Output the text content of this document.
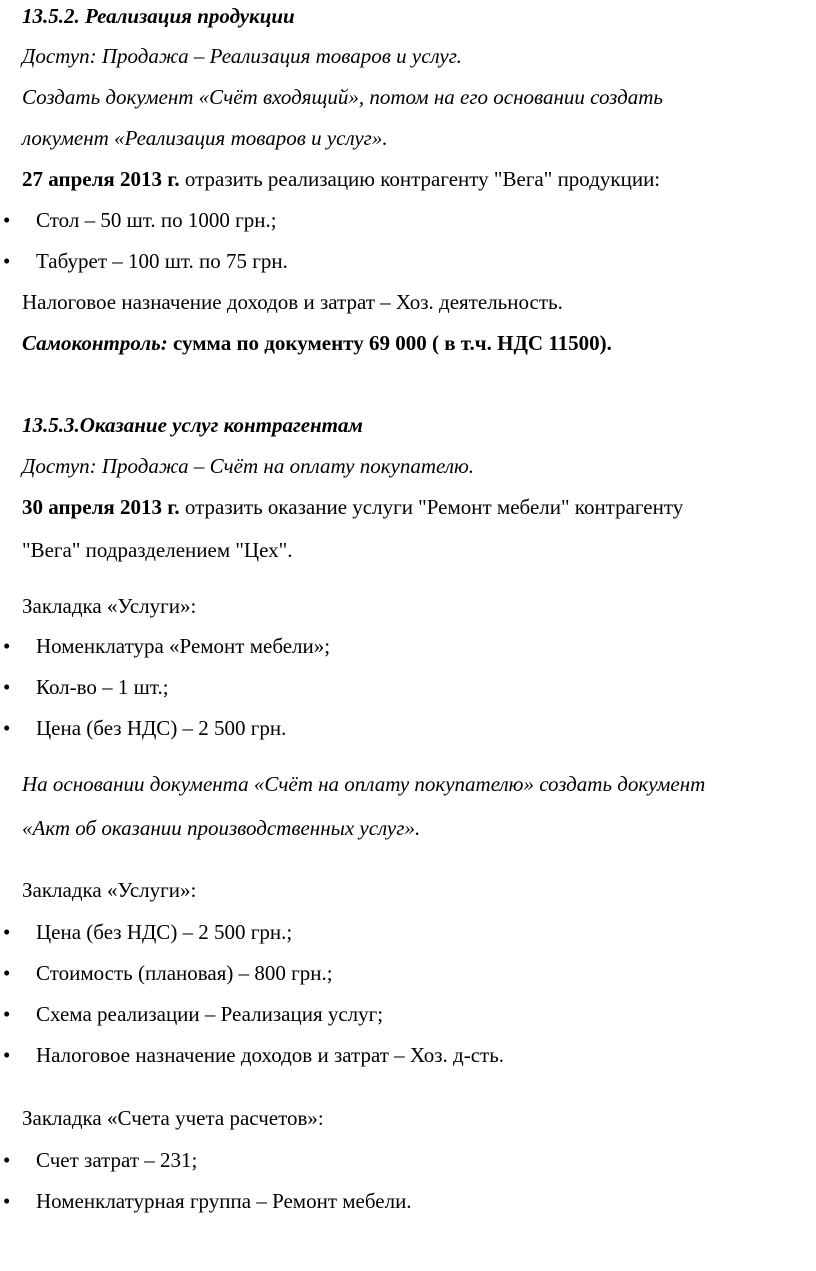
13.5.2. Реализация продукции
Доступ: Продажа – Реализация товаров и услуг.
Создать документ «Счёт входящий», потом на его основании создать
локумент «Реализация товаров и услуг».
27 апреля 2013 г. отразить реализацию контрагенту "Вега" продукции:
• Стол – 50 шт. по 1000 грн.;
• Табурет – 100 шт. по 75 грн.
Налоговое назначение доходов и затрат – Хоз. деятельность.
Самоконтроль: сумма по документу 69 000 ( в т.ч. НДС 11500).
13.5.3.Оказание услуг контрагентам
Доступ: Продажа – Счёт на оплату покупателю.
30 апреля 2013 г. отразить оказание услуги "Ремонт мебели" контрагенту
"Вега" подразделением "Цех".
Закладка «Услуги»:
• Номенклатура «Ремонт мебели»;
• Кол-во – 1 шт.;
• Цена (без НДС) – 2 500 грн.
На основании документа «Счёт на оплату покупателю» создать документ
«Акт об оказании производственных услуг».
Закладка «Услуги»:
• Цена (без НДС) – 2 500 грн.;
• Стоимость (плановая) – 800 грн.;
• Схема реализации – Реализация услуг;
• Налоговое назначение доходов и затрат – Хоз. д-сть.
Закладка «Счета учета расчетов»:
• Счет затрат – 231;
• Номенклатурная группа – Ремонт мебели.
